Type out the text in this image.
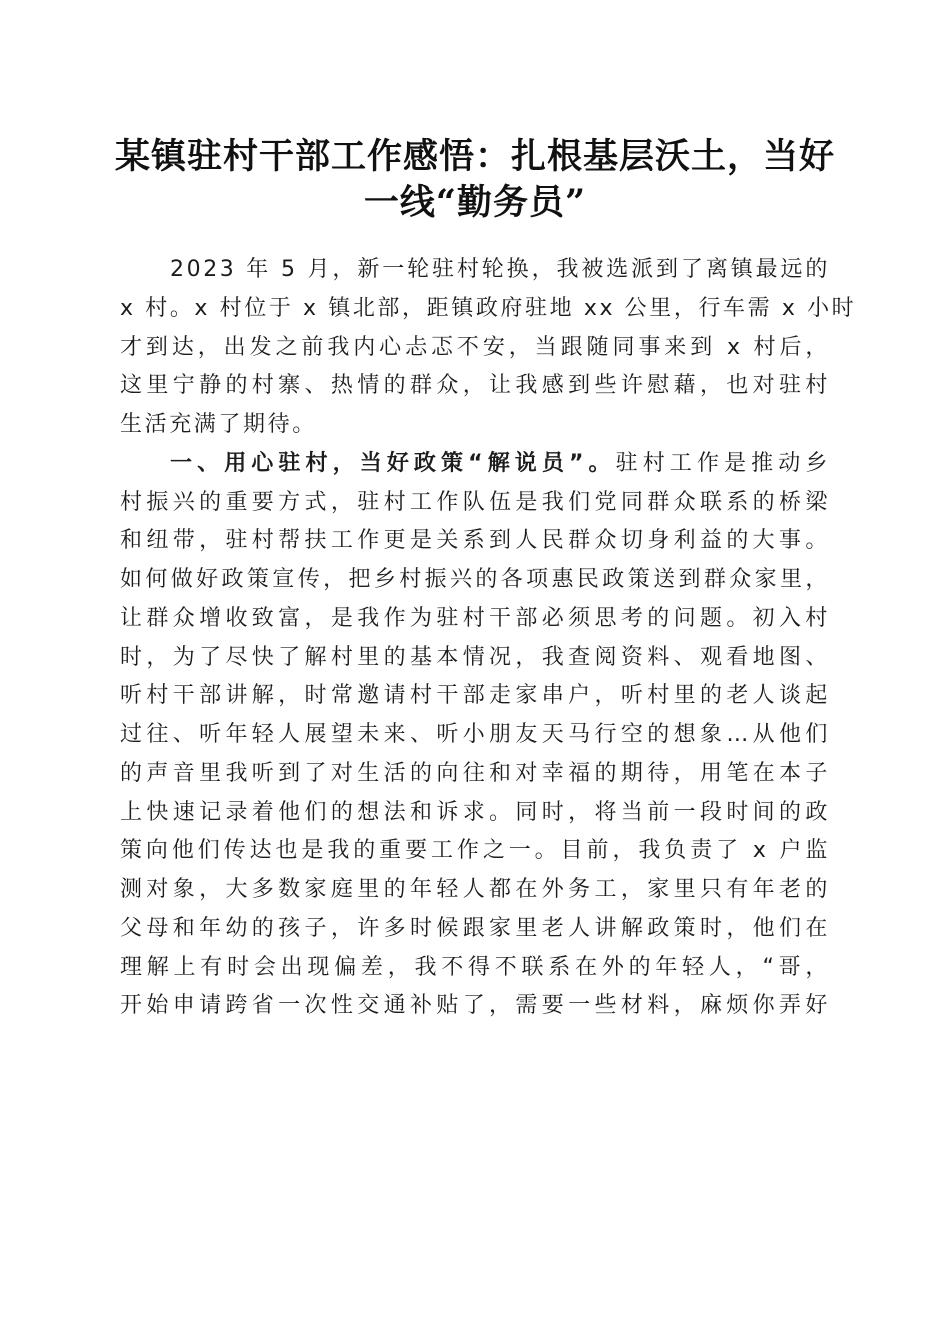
某镇驻村干部工作感悟：扎根基层沃土，当好
一线“勤务员”
2023 年 5 月，新一轮驻村轮换，我被选派到了离镇最远的
x 村。x 村位于 x 镇北部，距镇政府驻地 xx 公里，行车需 x 小时
才到达，出发之前我内心忐忑不安，当跟随同事来到 x 村后，
这里宁静的村寨、热情的群众，让我感到些许慰藉，也对驻村
生活充满了期待。
一、用心驻村，当好政策“解说员”。驻村工作是推动乡
村振兴的重要方式，驻村工作队伍是我们党同群众联系的桥梁
和纽带，驻村帮扶工作更是关系到人民群众切身利益的大事。
如何做好政策宣传，把乡村振兴的各项惠民政策送到群众家里，
让群众增收致富，是我作为驻村干部必须思考的问题。初入村
时，为了尽快了解村里的基本情况，我查阅资料、观看地图、
听村干部讲解，时常邀请村干部走家串户，听村里的老人谈起
过往、听年轻人展望未来、听小朋友天马行空的想象…从他们
的声音里我听到了对生活的向往和对幸福的期待，用笔在本子
上快速记录着他们的想法和诉求。同时，将当前一段时间的政
策向他们传达也是我的重要工作之一。目前，我负责了 x 户监
测对象，大多数家庭里的年轻人都在外务工，家里只有年老的
父母和年幼的孩子，许多时候跟家里老人讲解政策时，他们在
理解上有时会出现偏差，我不得不联系在外的年轻人，“哥，
开始申请跨省一次性交通补贴了，需要一些材料，麻烦你弄好
